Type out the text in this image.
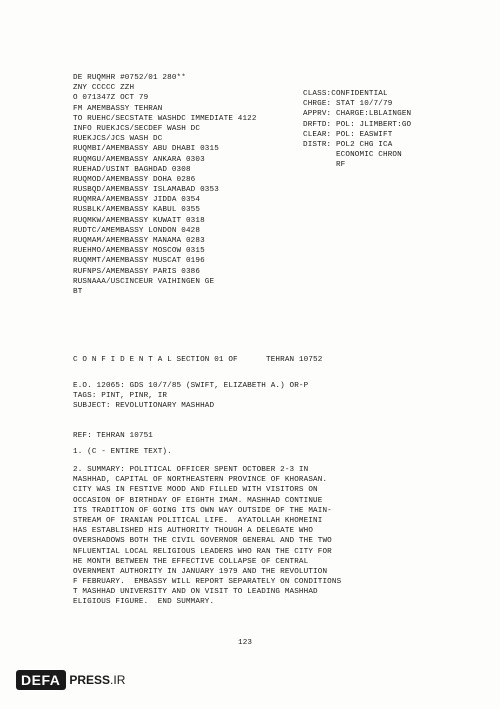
DE RUQMHR #0752/01 280**
ZNY CCCCC ZZH
O 071347Z OCT 79
FM AMEMBASSY TEHRAN
TO RUEHC/SECSTATE WASHDC IMMEDIATE 4122
INFO RUEKJCS/SECDEF WASH DC
RUEKJCS/JCS WASH DC
RUQMBI/AMEMBASSY ABU DHABI 0315
RUQMGU/AMEMBASSY ANKARA 0303
RUEHAD/USINT BAGHDAD 0308
RUQMOD/AMEMBASSY DOHA 0286
RUSBQD/AMEMBASSY ISLAMABAD 0353
RUQMRA/AMEMBASSY JIDDA 0354
RUSBLK/AMEMBASSY KABUL 0355
RUQMKW/AMEMBASSY KUWAIT 0318
RUDTC/AMEMBASSY LONDON 0428
RUQMAM/AMEMBASSY MANAMA 0283
RUEHMO/AMEMBASSY MOSCOW 0315
RUQMMT/AMEMBASSY MUSCAT 0196
RUFNPS/AMEMBASSY PARIS 0386
RUSNAAA/USCINCEUR VAIHINGEN GE
BT
CLASS:CONFIDENTIAL
CHRGE: STAT 10/7/79
APPRV: CHARGE:LBLAINGEN
DRFTD: POL: JLIMBERT:GO
CLEAR: POL: EASWIFT
DISTR: POL2 CHG ICA
ECONOMIC CHRON
RF
C O N F I D E N T A L SECTION 01 OF      TEHRAN 10752
E.O. 12065: GDS 10/7/85 (SWIFT, ELIZABETH A.) OR-P
TAGS: PINT, PINR, IR
SUBJECT: REVOLUTIONARY MASHHAD
REF: TEHRAN 10751
1. (C - ENTIRE TEXT).
2. SUMMARY: POLITICAL OFFICER SPENT OCTOBER 2-3 IN
MASHHAD, CAPITAL OF NORTHEASTERN PROVINCE OF KHORASAN.
CITY WAS IN FESTIVE MOOD AND FILLED WITH VISITORS ON
OCCASION OF BIRTHDAY OF EIGHTH IMAM. MASHHAD CONTINUE
ITS TRADITION OF GOING ITS OWN WAY OUTSIDE OF THE MAIN-
STREAM OF IRANIAN POLITICAL LIFE.  AYATOLLAH KHOMEINI
HAS ESTABLISHED HIS AUTHORITY THOUGH A DELEGATE WHO
OVERSHADOWS BOTH THE CIVIL GOVERNOR GENERAL AND THE TWO
NFLUENTIAL LOCAL RELIGIOUS LEADERS WHO RAN THE CITY FOR
HE MONTH BETWEEN THE EFFECTIVE COLLAPSE OF CENTRAL
OVERNMENT AUTHORITY IN JANUARY 1979 AND THE REVOLUTION
F FEBRUARY.  EMBASSY WILL REPORT SEPARATELY ON CONDITIONS
T MASHHAD UNIVERSITY AND ON VISIT TO LEADING MASHHAD
ELIGIOUS FIGURE.  END SUMMARY.
123
DEFA PRESS.IR
